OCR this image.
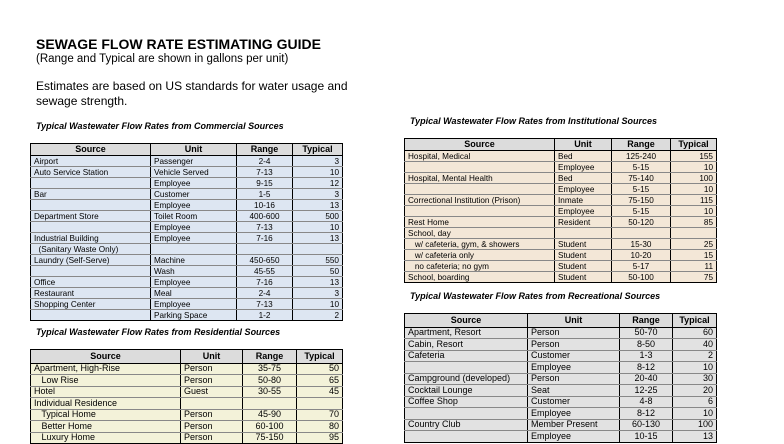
SEWAGE FLOW RATE ESTIMATING GUIDE
(Range and Typical are shown in gallons per unit)
Estimates are based on US standards for water usage and sewage strength.
Typical Wastewater Flow Rates from Commercial Sources
Source	Unit	Range	Typical
Airport	Passenger	2-4	3
Auto Service Station	Vehicle Served	7-13	10
	Employee	9-15	12
Bar	Customer	1-5	3
	Employee	10-16	13
Department Store	Toilet Room	400-600	500
	Employee	7-13	10
Industrial Building	Employee	7-16	13
(Sanitary Waste Only)			
Laundry (Self-Serve)	Machine	450-650	550
	Wash	45-55	50
Office	Employee	7-16	13
Restaurant	Meal	2-4	3
Shopping Center	Employee	7-13	10
	Parking Space	1-2	2
Typical Wastewater Flow Rates from Residential Sources
Source	Unit	Range	Typical
Apartment, High-Rise	Person	35-75	50
Low Rise	Person	50-80	65
Hotel	Guest	30-55	45
Individual Residence			
Typical Home	Person	45-90	70
Better Home	Person	60-100	80
Luxury Home	Person	75-150	95
Typical Wastewater Flow Rates from Institutional Sources
Source	Unit	Range	Typical
Hospital, Medical	Bed	125-240	155
	Employee	5-15	10
Hospital, Mental Health	Bed	75-140	100
	Employee	5-15	10
Correctional Institution (Prison)	Inmate	75-150	115
	Employee	5-15	10
Rest Home	Resident	50-120	85
School, day			
w/ cafeteria, gym, & showers	Student	15-30	25
w/ cafeteria only	Student	10-20	15
no cafeteria; no gym	Student	5-17	11
School, boarding	Student	50-100	75
Typical Wastewater Flow Rates from Recreational Sources
Source	Unit	Range	Typical
Apartment, Resort	Person	50-70	60
Cabin, Resort	Person	8-50	40
Cafeteria	Customer	1-3	2
	Employee	8-12	10
Campground (developed)	Person	20-40	30
Cocktail Lounge	Seat	12-25	20
Coffee Shop	Customer	4-8	6
	Employee	8-12	10
Country Club	Member Present	60-130	100
	Employee	10-15	13
